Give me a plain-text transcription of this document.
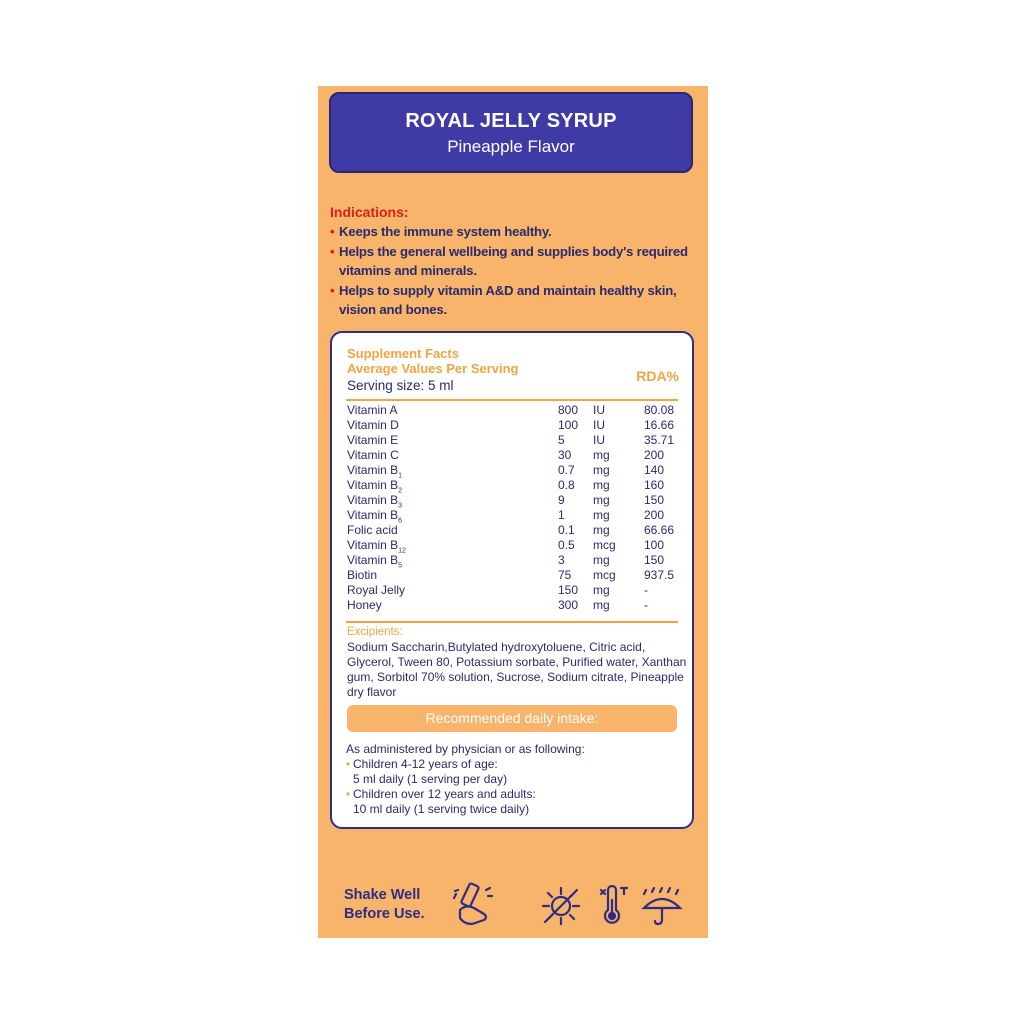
ROYAL JELLY SYRUP
Pineapple Flavor
Indications:
• Keeps the immune system healthy.
• Helps the general wellbeing and supplies body's required vitamins and minerals.
• Helps to supply vitamin A&D and maintain healthy skin, vision and bones.
Supplement Facts
Average Values Per Serving
Serving size: 5 ml
RDA%
Vitamin A	800 IU	80.08
Vitamin D	100 IU	16.66
Vitamin E	5 IU	35.71
Vitamin C	30 mg	200
Vitamin $B_1$	0.7 mg	140
Vitamin $B_2$	0.8 mg	160
Vitamin $B_3$	9 mg	150
Vitamin $B_6$	1 mg	200
Folic acid	0.1 mg	66.66
Vitamin $B_{12}$	0.5 mcg 100
Vitamin $B_5$	3 mg	150
Biotin	75 mcg 937.5
Royal Jelly	150 mg	-
Honey	300 mg	-
Excipients:
Sodium Saccharin,Butylated hydroxytoluene, Citric acid, Glycerol, Tween 80, Potassium sorbate, Purified water, Xanthan gum, Sorbitol 70% solution, Sucrose, Sodium citrate, Pineapple dry flavor
Recommended daily intake:
As administered by physician or as following:
• Children 4-12 years of age:
5 ml daily (1 serving per day)
• Children over 12 years and adults:
10 ml daily (1 serving twice daily)
Shake Well
Before Use.
